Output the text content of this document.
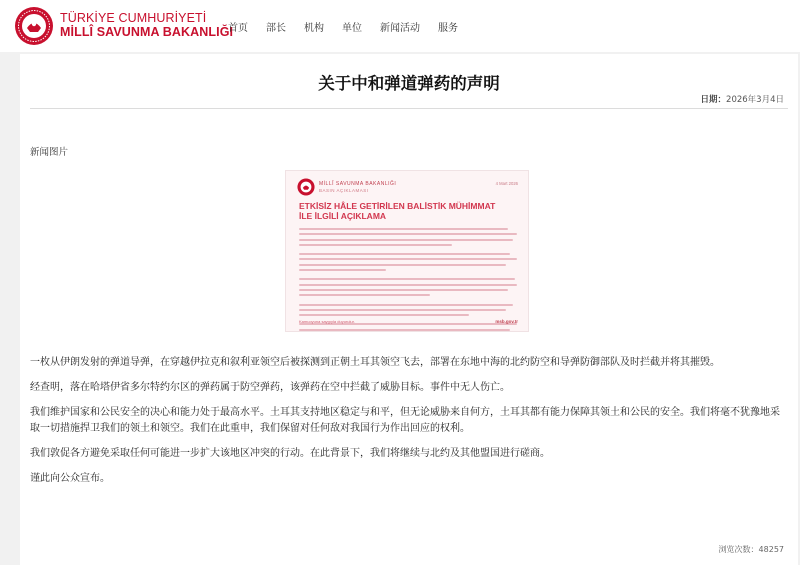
TÜRKİYE CUMHURİYETİ
MİLLÎ SAVUNMA BAKANLIĞI
首页 部长 机构 单位 新闻活动 服务
关于中和弹道弹药的声明
日期：2026年3月4日
新闻图片
MİLLÎ SAVUNMA BAKANLIĞI
BASIN AÇIKLAMASI
4 Mart 2026
ETKİSİZ HÂLE GETİRİLEN BALİSTİK MÜHİMMAT İLE İLGİLİ AÇIKLAMA
Kamuoyuna saygıyla duyurulur.	msb.gov.tr

一枚从伊朗发射的弹道导弹，在穿越伊拉克和叙利亚领空后被探测到正朝土耳其领空飞去，部署在东地中海的北约防空和导弹防御部队及时拦截并将其摧毁。

经查明，落在哈塔伊省多尔特约尔区的弹药属于防空弹药，该弹药在空中拦截了威胁目标。事件中无人伤亡。

我们维护国家和公民安全的决心和能力处于最高水平。土耳其支持地区稳定与和平，但无论威胁来自何方，土耳其都有能力保障其领土和公民的安全。我们将毫不犹豫地采取一切措施捍卫我们的领土和领空。我们在此重申，我们保留对任何敌对我国行为作出回应的权利。

我们敦促各方避免采取任何可能进一步扩大该地区冲突的行动。在此背景下，我们将继续与北约及其他盟国进行磋商。

谨此向公众宣布。

浏览次数：48257
